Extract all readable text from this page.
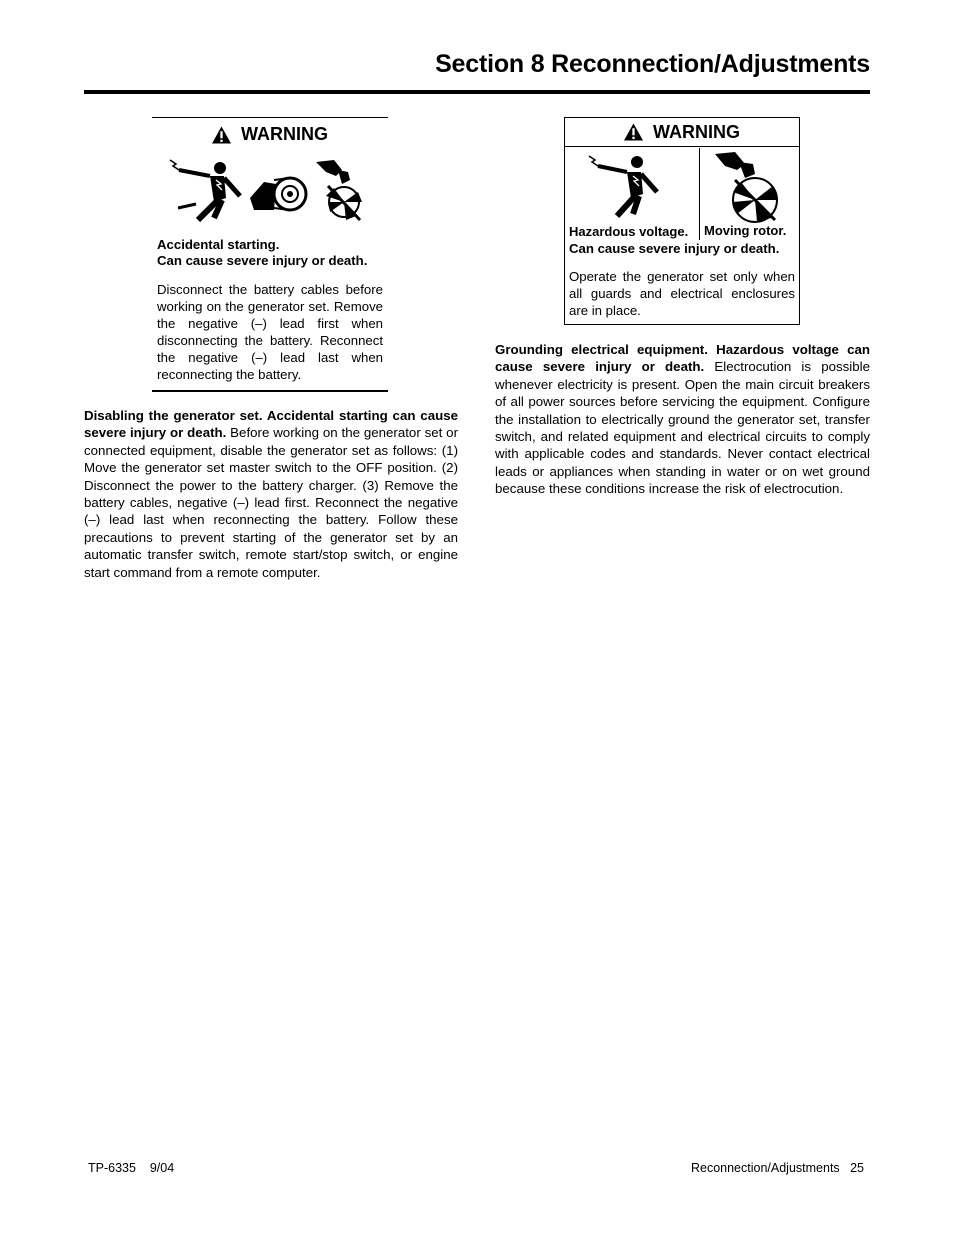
Section 8 Reconnection/Adjustments
WARNING
Accidental starting.
Can cause severe injury or death.
Disconnect the battery cables before working on the generator set. Remove the negative (–) lead first when disconnecting the battery. Reconnect the negative (–) lead last when reconnecting the battery.
WARNING
Hazardous voltage. Moving rotor.
Can cause severe injury or death.
Operate the generator set only when all guards and electrical enclosures are in place.

Disabling the generator set. Accidental starting can cause severe injury or death. Before working on the generator set or connected equipment, disable the generator set as follows: (1) Move the generator set master switch to the OFF position. (2) Disconnect the power to the battery charger. (3) Remove the battery cables, negative (–) lead first. Reconnect the negative (–) lead last when reconnecting the battery. Follow these precautions to prevent starting of the generator set by an automatic transfer switch, remote start/stop switch, or engine start command from a remote computer.

Grounding electrical equipment. Hazardous voltage can cause severe injury or death. Electrocution is possible whenever electricity is present. Open the main circuit breakers of all power sources before servicing the equipment. Configure the installation to electrically ground the generator set, transfer switch, and related equipment and electrical circuits to comply with applicable codes and standards. Never contact electrical leads or appliances when standing in water or on wet ground because these conditions increase the risk of electrocution.

TP-6335    9/04	Reconnection/Adjustments   25
